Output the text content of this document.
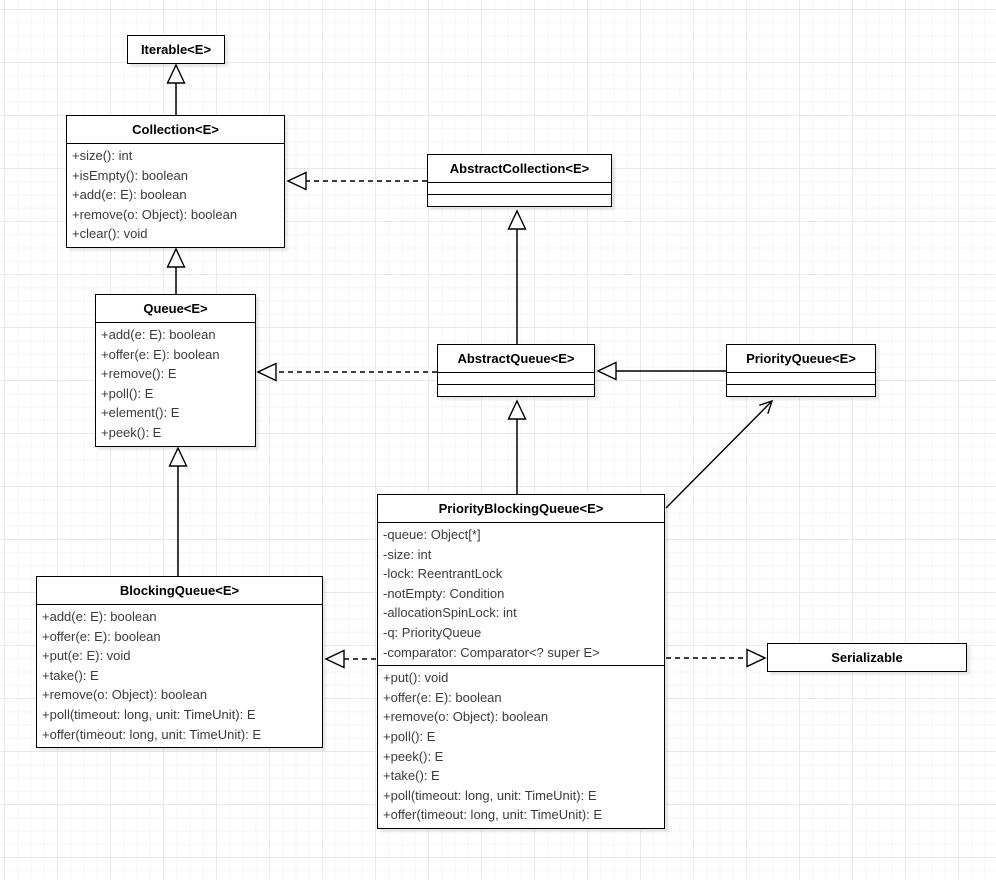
Iterable<E>
Collection<E>
+size(): int
+isEmpty(): boolean
+add(e: E): boolean
+remove(o: Object): boolean
+clear(): void
AbstractCollection<E>
Queue<E>
+add(e: E): boolean
+offer(e: E): boolean
+remove(): E
+poll(): E
+element(): E
+peek(): E
AbstractQueue<E>	PriorityQueue<E>
BlockingQueue<E>
+add(e: E): boolean
+offer(e: E): boolean
+put(e: E): void
+take(): E
+remove(o: Object): boolean
+poll(timeout: long, unit: TimeUnit): E
+offer(timeout: long, unit: TimeUnit): E
PriorityBlockingQueue<E>
-queue: Object[*]
-size: int
-lock: ReentrantLock
-notEmpty: Condition
-allocationSpinLock: int
-q: PriorityQueue
-comparator: Comparator<? super E>
+put(): void
+offer(e: E): boolean
+remove(o: Object): boolean
+poll(): E
+peek(): E
+take(): E
+poll(timeout: long, unit: TimeUnit): E
+offer(timeout: long, unit: TimeUnit): E
Serializable
